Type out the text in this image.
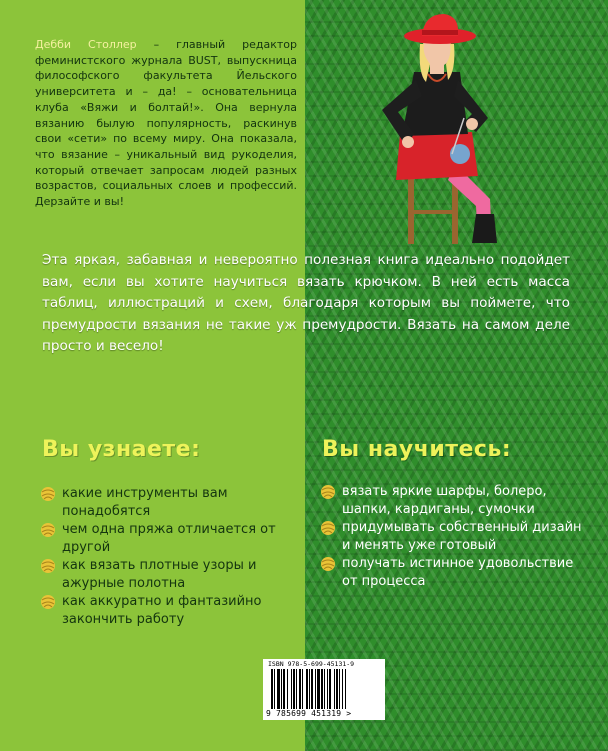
Дебби Столлер – главный редактор феминистского журнала BUST, выпускница философского факультета Йельского университета и – да! – основательница клуба «Вяжи и болтай!». Она вернула вязанию былую популярность, раскинув свои «сети» по всему миру. Она показала, что вязание – уникальный вид рукоделия, который отвечает запросам людей разных возрастов, социальных слоев и профессий. Дерзайте и вы!

Эта яркая, забавная и невероятно полезная книга идеально подойдет вам, если вы хотите научиться вязать крючком. В ней есть масса таблиц, иллюстраций и схем, благодаря которым вы поймете, что премудрости вязания не такие уж премудрости. Вязать на самом деле просто и весело!

Вы узнаете:	Вы научитесь:
какие инструменты вам понадобятся
чем одна пряжа отличается от другой
как вязать плотные узоры и ажурные полотна
как аккуратно и фантазийно закончить работу
вязать яркие шарфы, болеро, шапки, кардиганы, сумочки
придумывать собственный дизайн и менять уже готовый
получать истинное удовольствие от процесса
ISBN 978-5-699-45131-9
9 785699 451319 >
